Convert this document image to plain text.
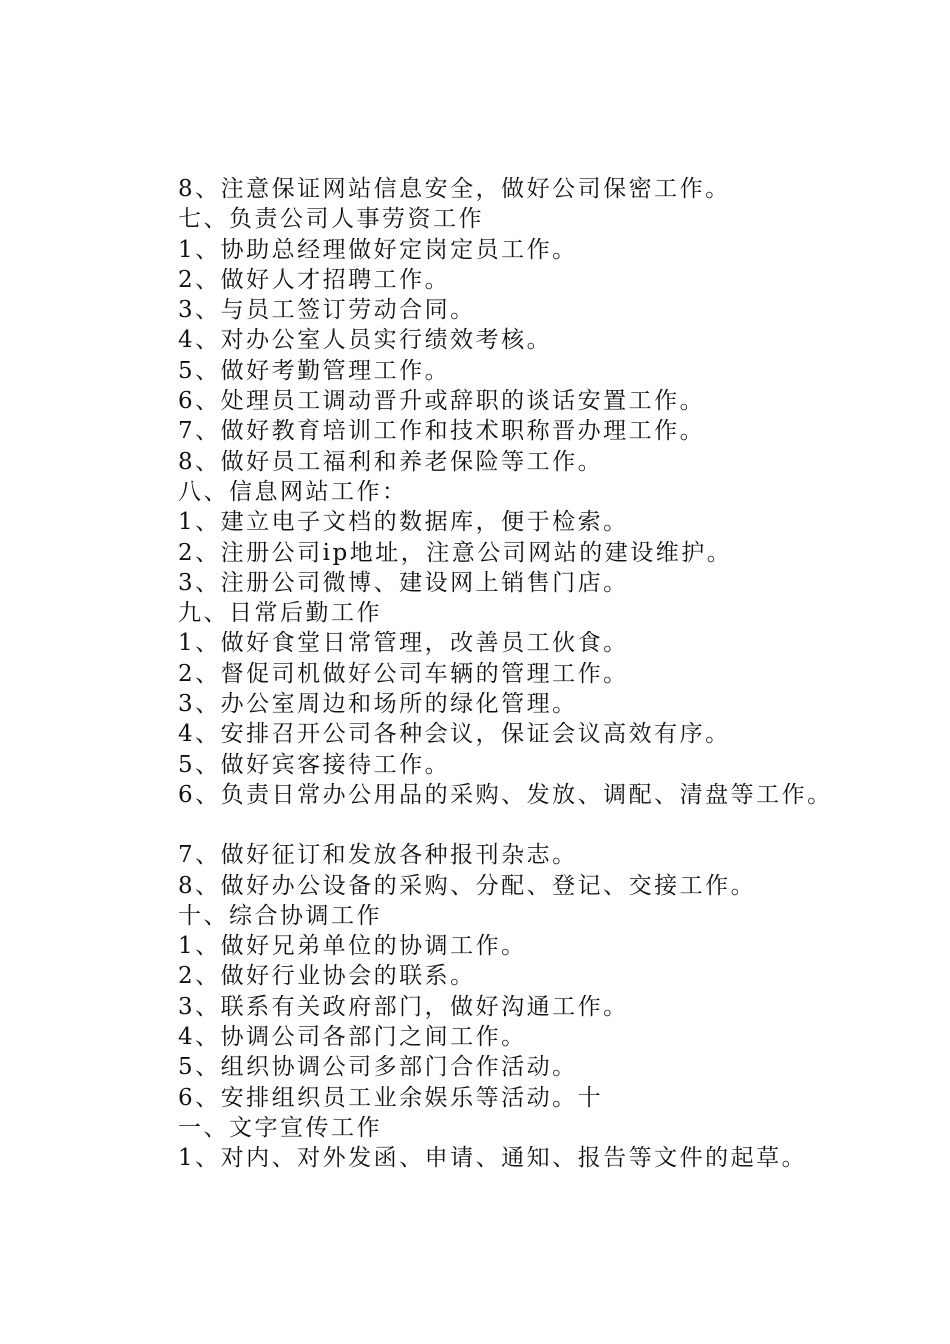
8、注意保证网站信息安全，做好公司保密工作。
七、负责公司人事劳资工作
1、协助总经理做好定岗定员工作。
2、做好人才招聘工作。
3、与员工签订劳动合同。
4、对办公室人员实行绩效考核。
5、做好考勤管理工作。
6、处理员工调动晋升或辞职的谈话安置工作。
7、做好教育培训工作和技术职称晋办理工作。
8、做好员工福利和养老保险等工作。
八、信息网站工作：
1、建立电子文档的数据库，便于检索。
2、注册公司ip地址，注意公司网站的建设维护。
3、注册公司微博、建设网上销售门店。
九、日常后勤工作
1、做好食堂日常管理，改善员工伙食。
2、督促司机做好公司车辆的管理工作。
3、办公室周边和场所的绿化管理。
4、安排召开公司各种会议，保证会议高效有序。
5、做好宾客接待工作。
6、负责日常办公用品的采购、发放、调配、清盘等工作。
7、做好征订和发放各种报刊杂志。
8、做好办公设备的采购、分配、登记、交接工作。
十、综合协调工作
1、做好兄弟单位的协调工作。
2、做好行业协会的联系。
3、联系有关政府部门，做好沟通工作。
4、协调公司各部门之间工作。
5、组织协调公司多部门合作活动。
6、安排组织员工业余娱乐等活动。十
一、文字宣传工作
1、对内、对外发函、申请、通知、报告等文件的起草。
